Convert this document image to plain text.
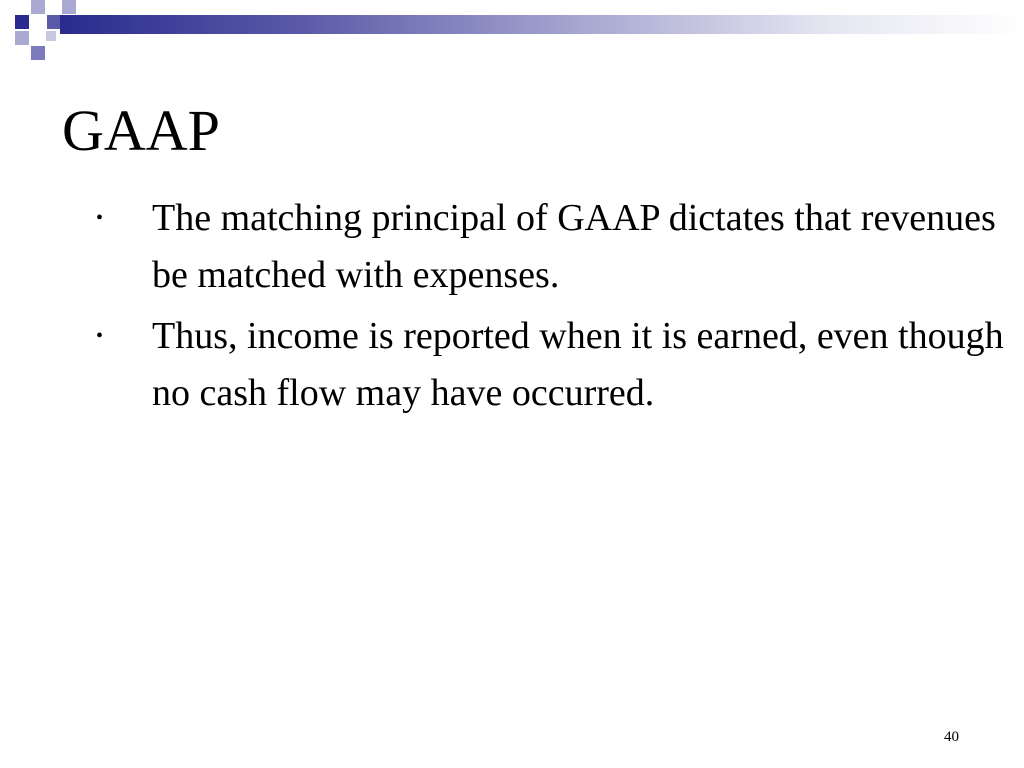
GAAP
• The matching principal of GAAP dictates that revenues be matched with expenses.
• Thus, income is reported when it is earned, even though no cash flow may have occurred.
40
